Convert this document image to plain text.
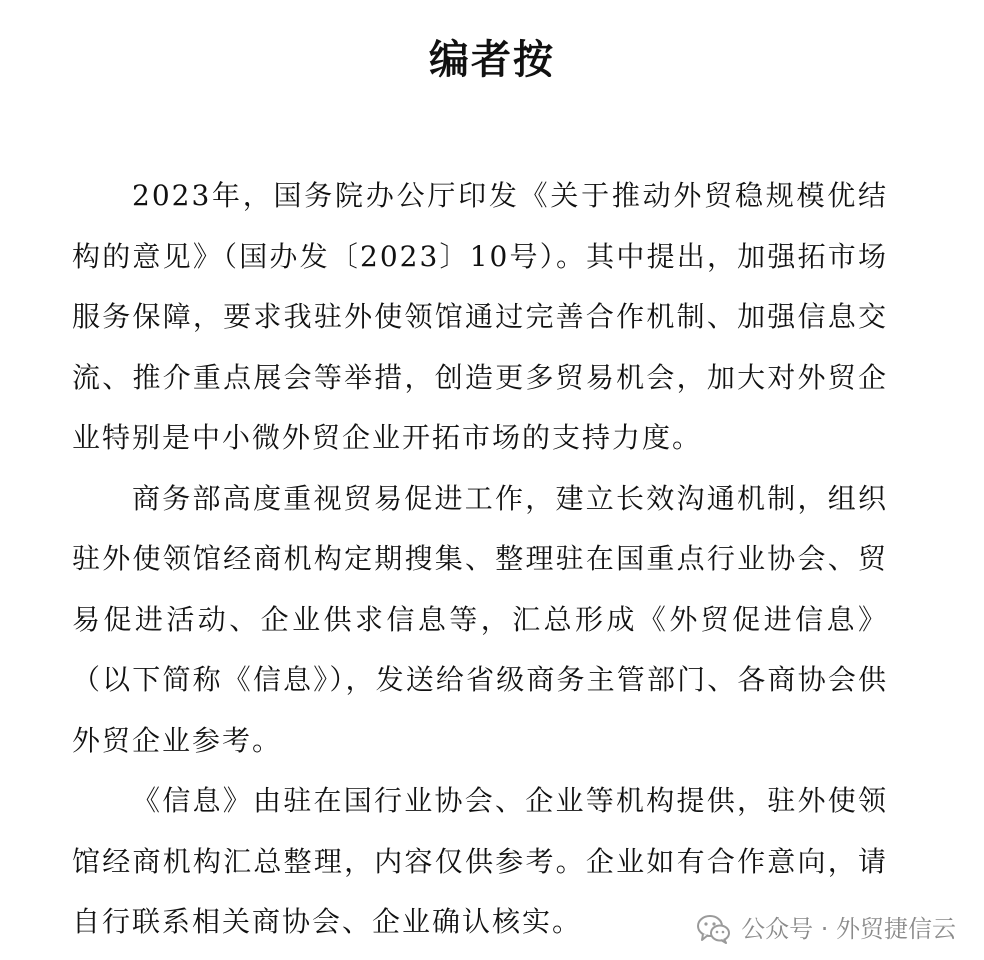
编者按

2023年，国务院办公厅印发《关于推动外贸稳规模优结构的意见》（国办发〔2023〕10号）。其中提出，加强拓市场服务保障，要求我驻外使领馆通过完善合作机制、加强信息交流、推介重点展会等举措，创造更多贸易机会，加大对外贸企业特别是中小微外贸企业开拓市场的支持力度。

商务部高度重视贸易促进工作，建立长效沟通机制，组织驻外使领馆经商机构定期搜集、整理驻在国重点行业协会、贸易促进活动、企业供求信息等，汇总形成《外贸促进信息》（以下简称《信息》），发送给省级商务主管部门、各商协会供外贸企业参考。

《信息》由驻在国行业协会、企业等机构提供，驻外使领馆经商机构汇总整理，内容仅供参考。企业如有合作意向，请自行联系相关商协会、企业确认核实。	公众号 · 外贸捷信云
